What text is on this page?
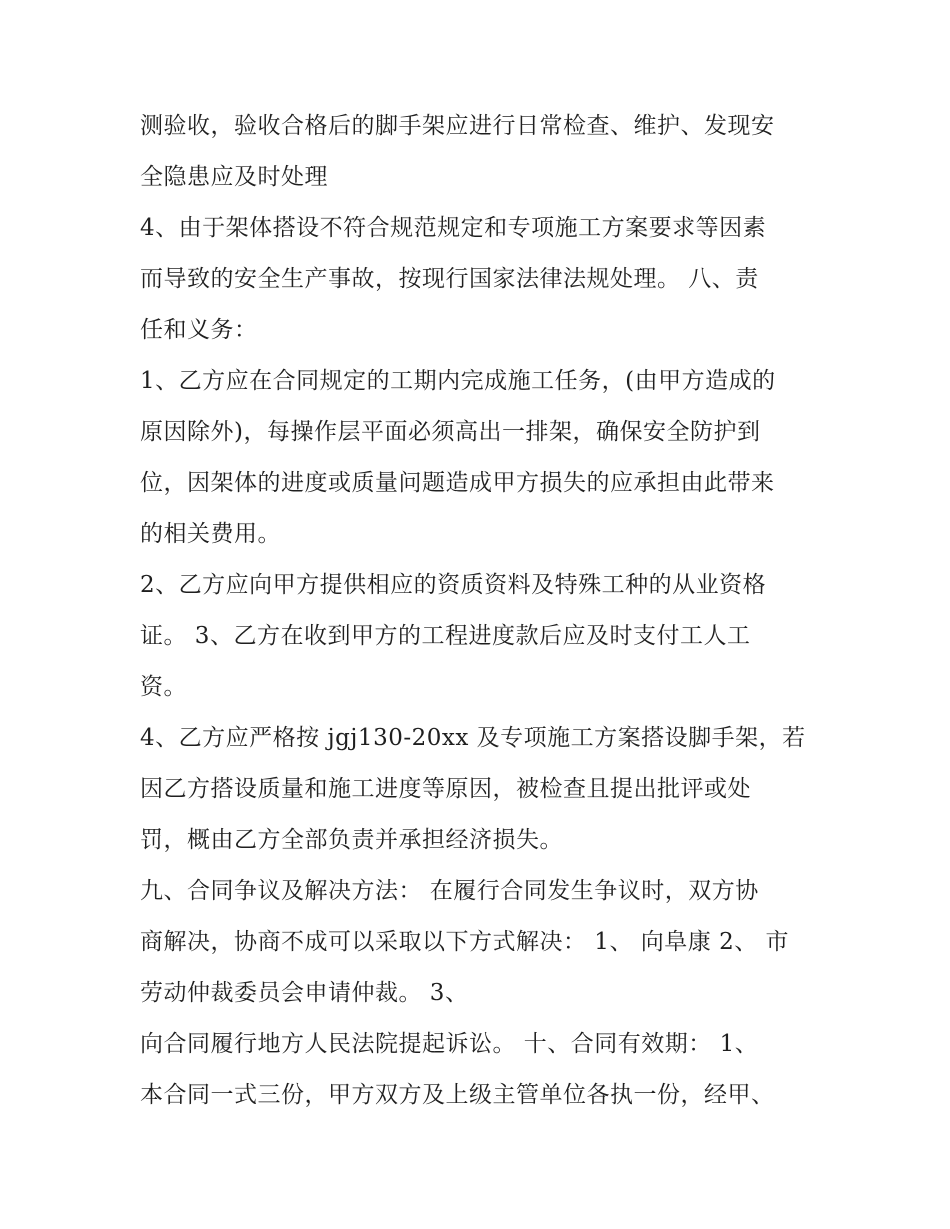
测验收，验收合格后的脚手架应进行日常检查、维护、发现安
全隐患应及时处理
4、由于架体搭设不符合规范规定和专项施工方案要求等因素
而导致的安全生产事故，按现行国家法律法规处理。 八、责
任和义务：
1、乙方应在合同规定的工期内完成施工任务，(由甲方造成的
原因除外)，每操作层平面必须高出一排架，确保安全防护到
位，因架体的进度或质量问题造成甲方损失的应承担由此带来
的相关费用。
2、乙方应向甲方提供相应的资质资料及特殊工种的从业资格
证。 3、乙方在收到甲方的工程进度款后应及时支付工人工
资。
4、乙方应严格按 jgj130-20xx 及专项施工方案搭设脚手架，若
因乙方搭设质量和施工进度等原因，被检查且提出批评或处
罚，概由乙方全部负责并承担经济损失。
九、合同争议及解决方法： 在履行合同发生争议时，双方协
商解决，协商不成可以采取以下方式解决： 1、 向阜康 2、 市
劳动仲裁委员会申请仲裁。 3、
向合同履行地方人民法院提起诉讼。 十、合同有效期： 1、
本合同一式三份，甲方双方及上级主管单位各执一份，经甲、
